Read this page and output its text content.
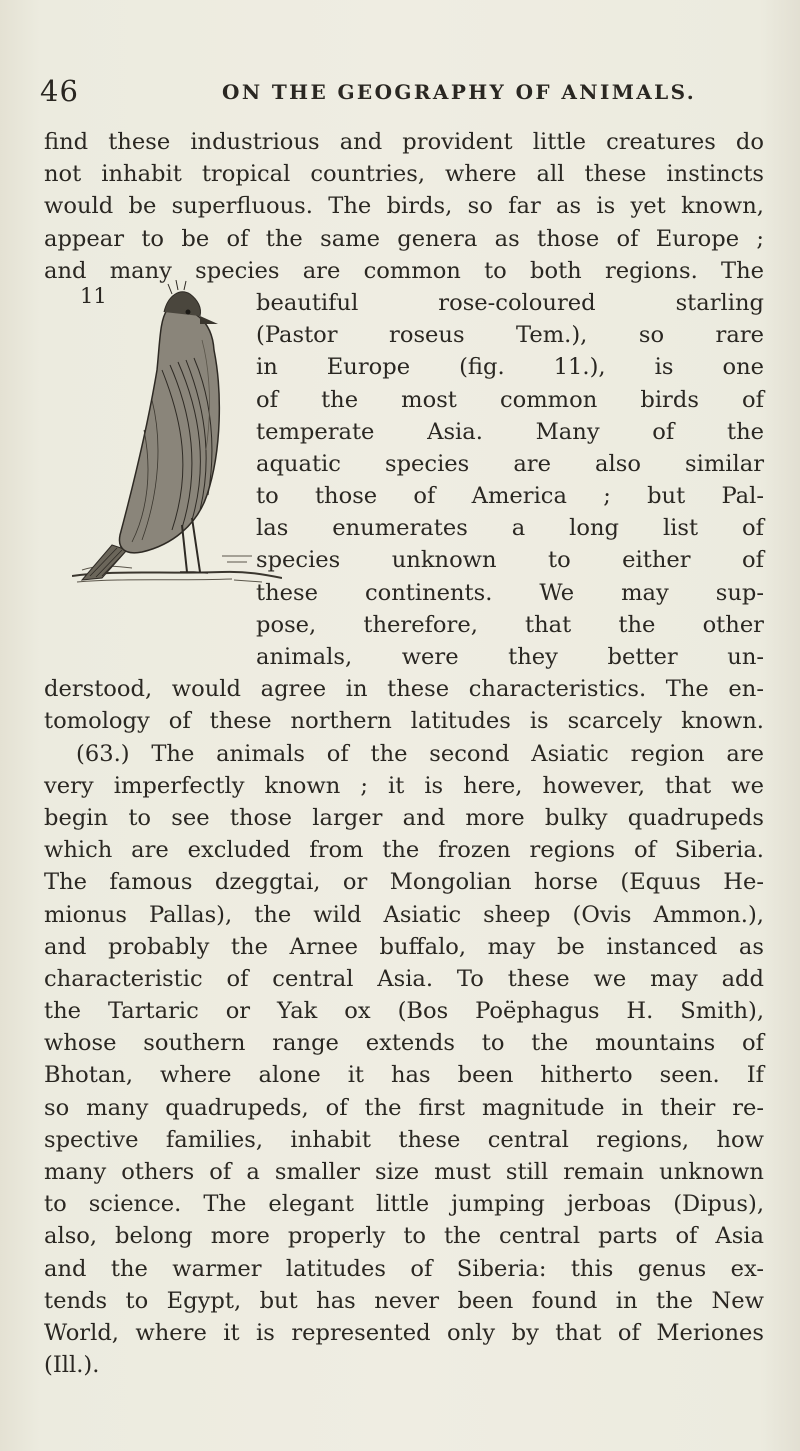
46	ON THE GEOGRAPHY OF ANIMALS.
11
find these industrious and provident little creatures do
not inhabit tropical countries, where all these instincts
would be superfluous. The birds, so far as is yet known,
appear to be of the same genera as those of Europe ;
and many species are common to both regions. The
beautiful rose-coloured starling
(Pastor roseus Tem.), so rare
in Europe (fig. 11.), is one
of the most common birds of
temperate Asia. Many of the
aquatic species are also similar
to those of America ; but Pal-
las enumerates a long list of
species unknown to either of
these continents. We may sup-
pose, therefore, that the other
animals, were they better un-
derstood, would agree in these characteristics. The en-
tomology of these northern latitudes is scarcely known.
(63.) The animals of the second Asiatic region are
very imperfectly known ; it is here, however, that we
begin to see those larger and more bulky quadrupeds
which are excluded from the frozen regions of Siberia.
The famous dzeggtai, or Mongolian horse (Equus He-
mionus Pallas), the wild Asiatic sheep (Ovis Ammon.),
and probably the Arnee buffalo, may be instanced as
characteristic of central Asia. To these we may add
the Tartaric or Yak ox (Bos Poëphagus H. Smith),
whose southern range extends to the mountains of
Bhotan, where alone it has been hitherto seen. If
so many quadrupeds, of the first magnitude in their re-
spective families, inhabit these central regions, how
many others of a smaller size must still remain unknown
to science. The elegant little jumping jerboas (Dipus),
also, belong more properly to the central parts of Asia
and the warmer latitudes of Siberia: this genus ex-
tends to Egypt, but has never been found in the New
World, where it is represented only by that of Meriones
(Ill.).
